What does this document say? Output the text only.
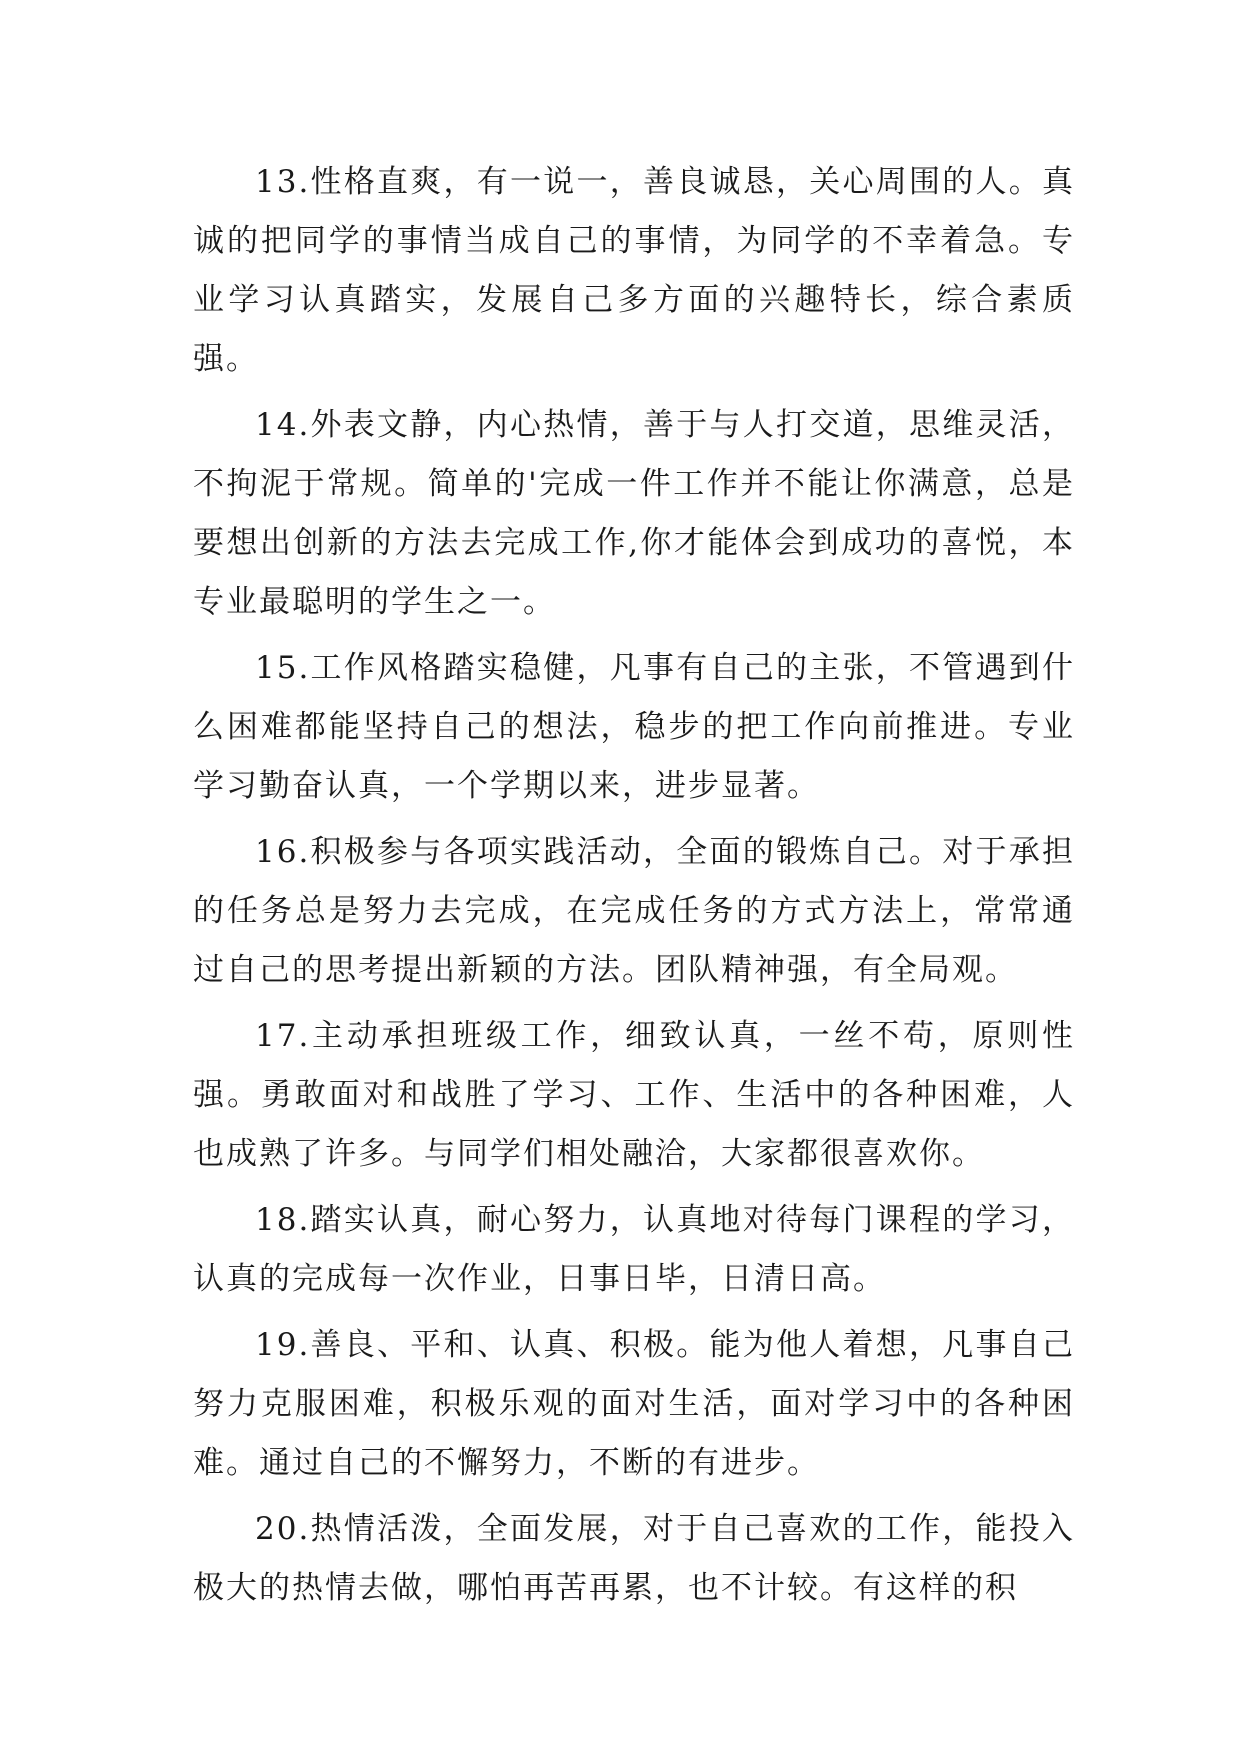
13.性格直爽，有一说一，善良诚恳，关心周围的人。真诚的把同学的事情当成自己的事情，为同学的不幸着急。专业学习认真踏实，发展自己多方面的兴趣特长，综合素质强。

14.外表文静，内心热情，善于与人打交道，思维灵活，不拘泥于常规。简单的'完成一件工作并不能让你满意，总是要想出创新的方法去完成工作,你才能体会到成功的喜悦，本专业最聪明的学生之一。

15.工作风格踏实稳健，凡事有自己的主张，不管遇到什么困难都能坚持自己的想法，稳步的把工作向前推进。专业学习勤奋认真，一个学期以来，进步显著。

16.积极参与各项实践活动，全面的锻炼自己。对于承担的任务总是努力去完成，在完成任务的方式方法上，常常通过自己的思考提出新颖的方法。团队精神强，有全局观。

17.主动承担班级工作，细致认真，一丝不苟，原则性强。勇敢面对和战胜了学习、工作、生活中的各种困难，人也成熟了许多。与同学们相处融洽，大家都很喜欢你。

18.踏实认真，耐心努力，认真地对待每门课程的学习，认真的完成每一次作业，日事日毕，日清日高。

19.善良、平和、认真、积极。能为他人着想，凡事自己努力克服困难，积极乐观的面对生活，面对学习中的各种困难。通过自己的不懈努力，不断的有进步。

20.热情活泼，全面发展，对于自己喜欢的工作，能投入极大的热情去做，哪怕再苦再累，也不计较。有这样的积
